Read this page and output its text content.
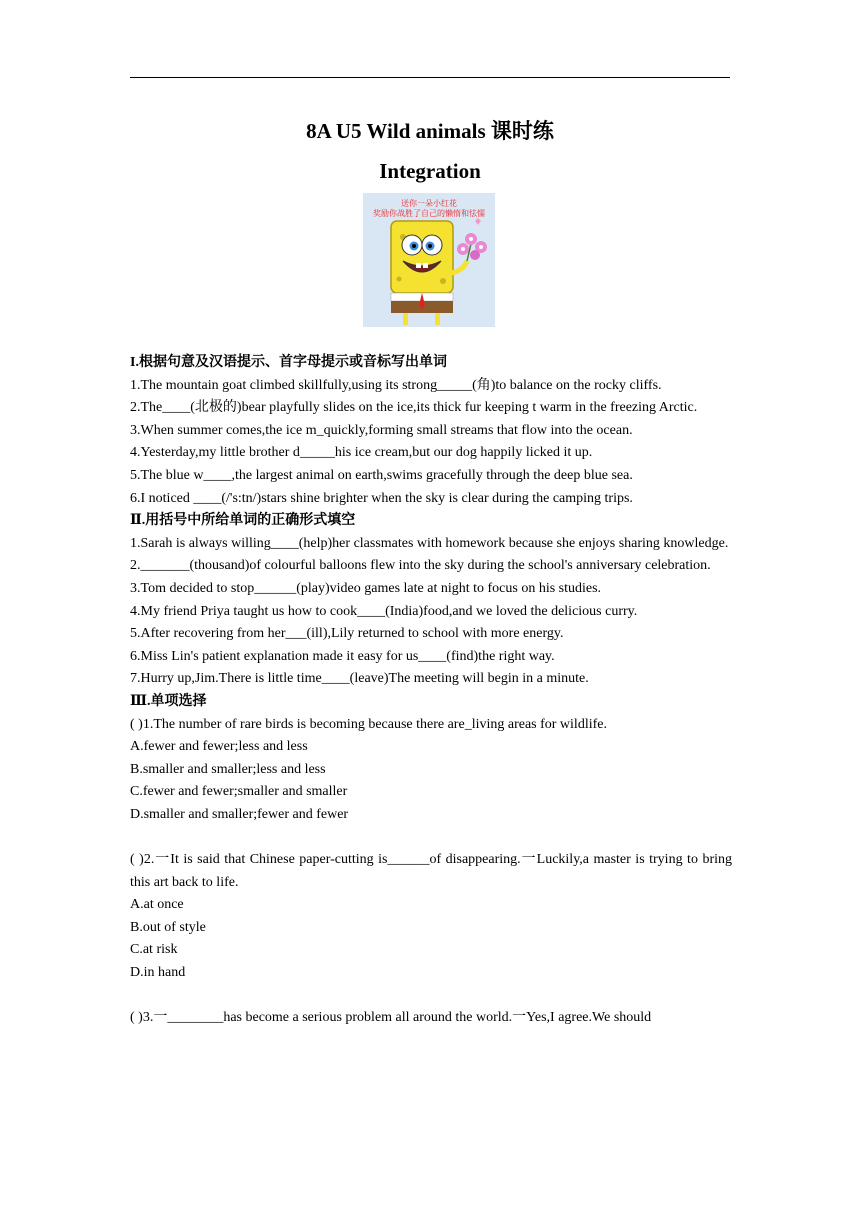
8A U5 Wild animals 课时练
Integration
送你一朵小红花
奖励你战胜了自己的懒惰和怯懦

I.根据句意及汉语提示、首字母提示或音标写出单词

1.The mountain goat climbed skillfully,using its strong_____(角)to balance on the rocky cliffs.

2.The____(北极的)bear playfully slides on the ice,its thick fur keeping t warm in the freezing Arctic.

3.When summer comes,the ice m_quickly,forming small streams that flow into the ocean.

4.Yesterday,my little brother d_____his ice cream,but our dog happily licked it up.

5.The blue w____,the largest animal on earth,swims gracefully through the deep blue sea.

6.I noticed ____(/'s:tn/)stars shine brighter when the sky is clear during the camping trips.

Ⅱ.用括号中所给单词的正确形式填空

1.Sarah is always willing____(help)her classmates with homework because she enjoys sharing knowledge.

2._______(thousand)of colourful balloons flew into the sky during the school's anniversary celebration.

3.Tom decided to stop______(play)video games late at night to focus on his studies.

4.My friend Priya taught us how to cook____(India)food,and we loved the delicious curry.

5.After recovering from her___(ill),Lily returned to school with more energy.

6.Miss Lin's patient explanation made it easy for us____(find)the right way.

7.Hurry up,Jim.There is little time____(leave)The meeting will begin in a minute.

Ⅲ.单项选择

( )1.The number of rare birds is becoming because there are_living areas for wildlife.

A.fewer and fewer;less and less

B.smaller and smaller;less and less

C.fewer and fewer;smaller and smaller

D.smaller and smaller;fewer and fewer

( )2.一It is said that Chinese paper-cutting is______of disappearing.一Luckily,a master is trying to bring this art back to life.

A.at once

B.out of style

C.at risk

D.in hand

( )3.一________has become a serious problem all around the world.一Yes,I agree.We should
